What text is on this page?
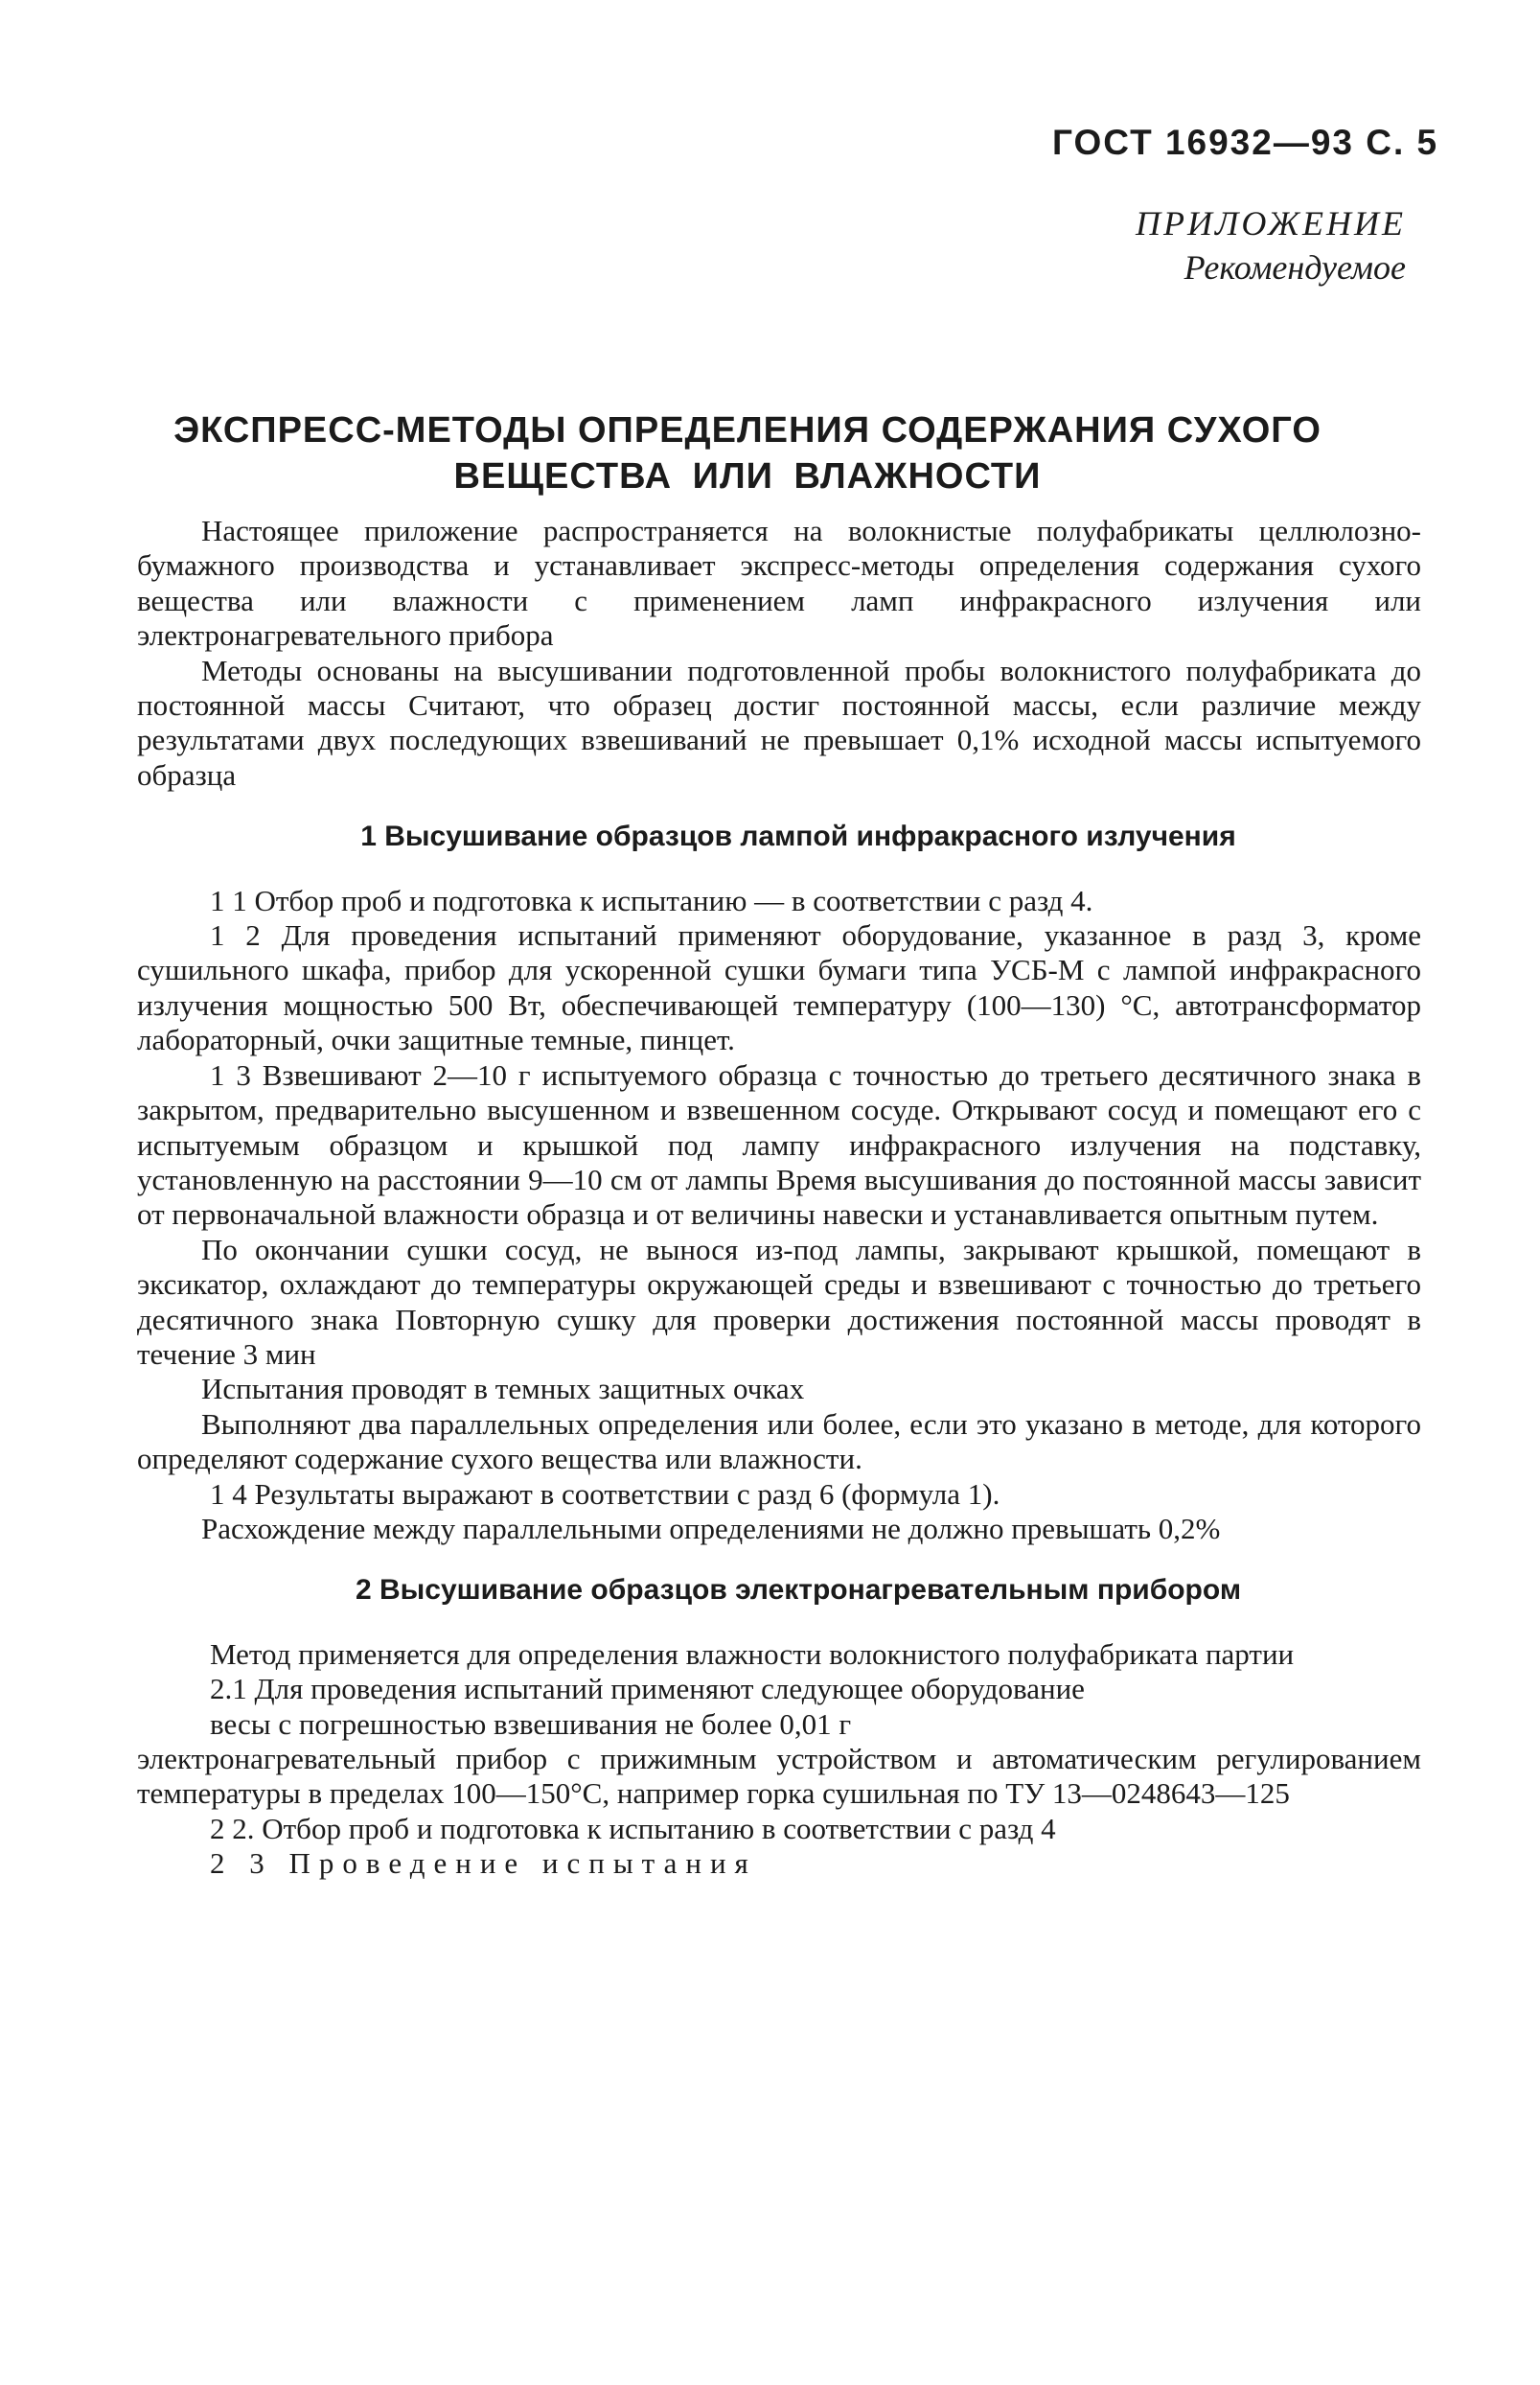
ГОСТ 16932—93 С. 5
ПРИЛОЖЕНИЕ
Рекомендуемое
ЭКСПРЕСС-МЕТОДЫ ОПРЕДЕЛЕНИЯ СОДЕРЖАНИЯ СУХОГО
ВЕЩЕСТВА ИЛИ ВЛАЖНОСТИ

Настоящее приложение распространяется на волокнистые полуфабрикаты целлюлозно-бумажного производства и устанавливает экспресс-методы определения содержания сухого вещества или влажности с применением ламп инфракрасного излучения или электронагревательного прибора

Методы основаны на высушивании подготовленной пробы волокнистого полуфабриката до постоянной массы Считают, что образец достиг постоянной массы, если различие между результатами двух последующих взвешиваний не превышает 0,1% исходной массы испытуемого образца

1 Высушивание образцов лампой инфракрасного излучения

1 1 Отбор проб и подготовка к испытанию — в соответствии с разд 4.

1 2 Для проведения испытаний применяют оборудование, указанное в разд 3, кроме сушильного шкафа, прибор для ускоренной сушки бумаги типа УСБ-М с лампой инфракрасного излучения мощностью 500 Вт, обеспечивающей температуру (100—130) °С, автотрансформатор лабораторный, очки защитные темные, пинцет.

1 3 Взвешивают 2—10 г испытуемого образца с точностью до третьего десятичного знака в закрытом, предварительно высушенном и взвешенном сосуде. Открывают сосуд и помещают его с испытуемым образцом и крышкой под лампу инфракрасного излучения на подставку, установленную на расстоянии 9—10 см от лампы Время высушивания до постоянной массы зависит от первоначальной влажности образца и от величины навески и устанавливается опытным путем.

По окончании сушки сосуд, не вынося из-под лампы, закрывают крышкой, помещают в эксикатор, охлаждают до температуры окружающей среды и взвешивают с точностью до третьего десятичного знака Повторную сушку для проверки достижения постоянной массы проводят в течение 3 мин

Испытания проводят в темных защитных очках

Выполняют два параллельных определения или более, если это указано в методе, для которого определяют содержание сухого вещества или влажности.

1 4 Результаты выражают в соответствии с разд 6 (формула 1).

Расхождение между параллельными определениями не должно превышать 0,2%

2 Высушивание образцов электронагревательным прибором

Метод применяется для определения влажности волокнистого полуфабриката партии

2.1 Для проведения испытаний применяют следующее оборудование

весы с погрешностью взвешивания не более 0,01 г

электронагревательный прибор с прижимным устройством и автоматическим регулированием температуры в пределах 100—150°С, например горка сушильная по ТУ 13—0248643—125

2 2. Отбор проб и подготовка к испытанию в соответствии с разд 4

2 3 Проведение испытания
